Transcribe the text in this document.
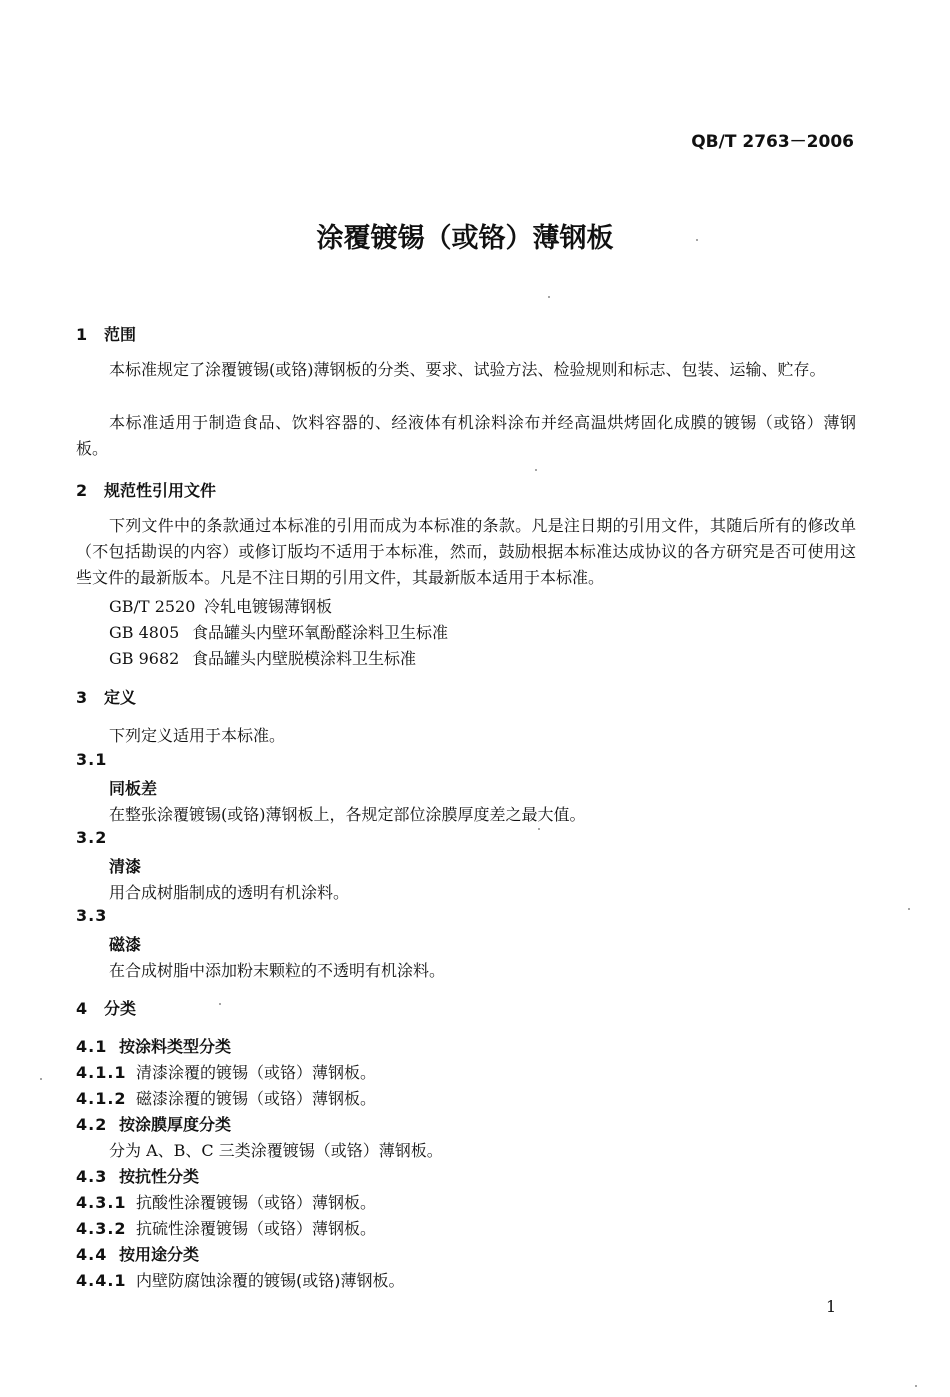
QB/T 2763－2006
涂覆镀锡（或铬）薄钢板
1 范围
本标准规定了涂覆镀锡(或铬)薄钢板的分类、要求、试验方法、检验规则和标志、包装、运输、贮存。
本标准适用于制造食品、饮料容器的、经液体有机涂料涂布并经高温烘烤固化成膜的镀锡（或铬）薄钢板。
2 规范性引用文件
下列文件中的条款通过本标准的引用而成为本标准的条款。凡是注日期的引用文件，其随后所有的修改单（不包括勘误的内容）或修订版均不适用于本标准，然而，鼓励根据本标准达成协议的各方研究是否可使用这些文件的最新版本。凡是不注日期的引用文件，其最新版本适用于本标准。
GB/T 2520 冷轧电镀锡薄钢板
GB 4805 食品罐头内壁环氧酚醛涂料卫生标准
GB 9682 食品罐头内壁脱模涂料卫生标准
3 定义
下列定义适用于本标准。
3.1
同板差
在整张涂覆镀锡(或铬)薄钢板上，各规定部位涂膜厚度差之最大值。
3.2
清漆
用合成树脂制成的透明有机涂料。
3.3
磁漆
在合成树脂中添加粉末颗粒的不透明有机涂料。
4 分类
4.1 按涂料类型分类
4.1.1 清漆涂覆的镀锡（或铬）薄钢板。
4.1.2 磁漆涂覆的镀锡（或铬）薄钢板。
4.2 按涂膜厚度分类
分为 A、B、C 三类涂覆镀锡（或铬）薄钢板。
4.3 按抗性分类
4.3.1 抗酸性涂覆镀锡（或铬）薄钢板。
4.3.2 抗硫性涂覆镀锡（或铬）薄钢板。
4.4 按用途分类
4.4.1 内壁防腐蚀涂覆的镀锡(或铬)薄钢板。
1
